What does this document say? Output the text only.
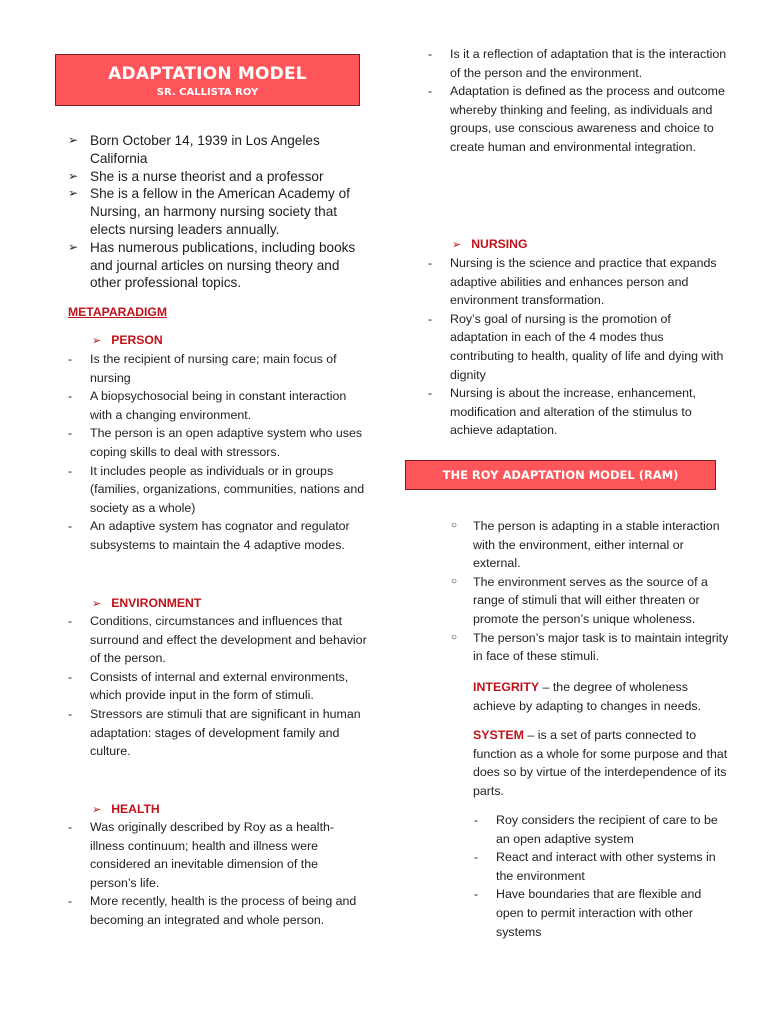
ADAPTATION MODEL
SR. CALLISTA ROY
➢ Born October 14, 1939 in Los Angeles California
➢ She is a nurse theorist and a professor
➢ She is a fellow in the American Academy of Nursing, an harmony nursing society that elects nursing leaders annually.
➢ Has numerous publications, including books and journal articles on nursing theory and other professional topics.
METAPARADIGM
➢ PERSON
- Is the recipient of nursing care; main focus of nursing
- A biopsychosocial being in constant interaction with a changing environment.
- The person is an open adaptive system who uses coping skills to deal with stressors.
- It includes people as individuals or in groups (families, organizations, communities, nations and society as a whole)
- An adaptive system has cognator and regulator subsystems to maintain the 4 adaptive modes.
➢ ENVIRONMENT
- Conditions, circumstances and influences that surround and effect the development and behavior of the person.
- Consists of internal and external environments, which provide input in the form of stimuli.
- Stressors are stimuli that are significant in human adaptation: stages of development family and culture.
➢ HEALTH
- Was originally described by Roy as a health-illness continuum; health and illness were considered an inevitable dimension of the person’s life.
- More recently, health is the process of being and becoming an integrated and whole person.
- Is it a reflection of adaptation that is the interaction of the person and the environment.
- Adaptation is defined as the process and outcome whereby thinking and feeling, as individuals and groups, use conscious awareness and choice to create human and environmental integration.
➢ NURSING
- Nursing is the science and practice that expands adaptive abilities and enhances person and environment transformation.
- Roy’s goal of nursing is the promotion of adaptation in each of the 4 modes thus contributing to health, quality of life and dying with dignity
- Nursing is about the increase, enhancement, modification and alteration of the stimulus to achieve adaptation.
THE ROY ADAPTATION MODEL (RAM)
○ The person is adapting in a stable interaction with the environment, either internal or external.
○ The environment serves as the source of a range of stimuli that will either threaten or promote the person’s unique wholeness.
○ The person’s major task is to maintain integrity in face of these stimuli.
INTEGRITY – the degree of wholeness achieve by adapting to changes in needs.
SYSTEM – is a set of parts connected to function as a whole for some purpose and that does so by virtue of the interdependence of its parts.
- Roy considers the recipient of care to be an open adaptive system
- React and interact with other systems in the environment
- Have boundaries that are flexible and open to permit interaction with other systems
